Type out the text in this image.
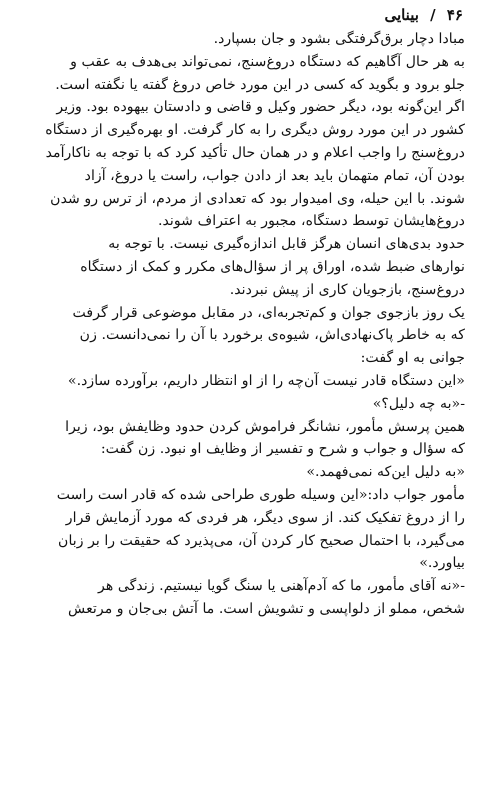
۴۶ / بینایی
مبادا دچار برق‌گرفتگی بشود و جان بسپارد.
به هر حال آگاهیم که دستگاه دروغ‌سنج، نمی‌تواند بی‌هدف به عقب و
جلو برود و بگوید که کسی در این مورد خاص دروغ گفته یا نگفته است.
اگر این‌گونه بود، دیگر حضور وکیل و قاضی و دادستان بیهوده بود. وزیر
کشور در این مورد روش دیگری را به کار گرفت. او بهره‌گیری از دستگاه
دروغ‌سنج را واجب اعلام و در همان حال تأکید کرد که با توجه به ناکارآمد
بودن آن، تمام متهمان باید بعد از دادن جواب، راست یا دروغ، آزاد
شوند. با این حیله، وی امیدوار بود که تعدادی از مردم، از ترس رو شدن
دروغ‌هایشان توسط دستگاه، مجبور به اعتراف شوند.
حدود بدی‌های انسان هرگز قابل اندازه‌گیری نیست. با توجه به
نوارهای ضبط شده، اوراق پر از سؤال‌های مکرر و کمک از دستگاه
دروغ‌سنج، بازجویان کاری از پیش نبردند.
یک روز بازجوی جوان و کم‌تجربه‌ای، در مقابل موضوعی قرار گرفت
که به خاطر پاک‌نهادی‌اش، شیوه‌ی برخورد با آن را نمی‌دانست. زن
جوانی به او گفت:
«این دستگاه قادر نیست آن‌چه را از او انتظار داریم، برآورده سازد.»
-«به چه دلیل؟»
همین پرسش مأمور، نشانگر فراموش کردن حدود وظایفش بود، زیرا
که سؤال و جواب و شرح و تفسیر از وظایف او نبود. زن گفت:
«به دلیل این‌که نمی‌فهمد.»
مأمور جواب داد:«این وسیله طوری طراحی شده که قادر است راست
را از دروغ تفکیک کند. از سوی دیگر، هر فردی که مورد آزمایش قرار
می‌گیرد، با احتمال صحیح کار کردن آن، می‌پذیرد که حقیقت را بر زبان
بیاورد.»
-«نه آقای مأمور، ما که آدم‌آهنی یا سنگ گویا نیستیم. زندگی هر
شخص، مملو از دلواپسی و تشویش است. ما آتش بی‌جان و مرتعش
